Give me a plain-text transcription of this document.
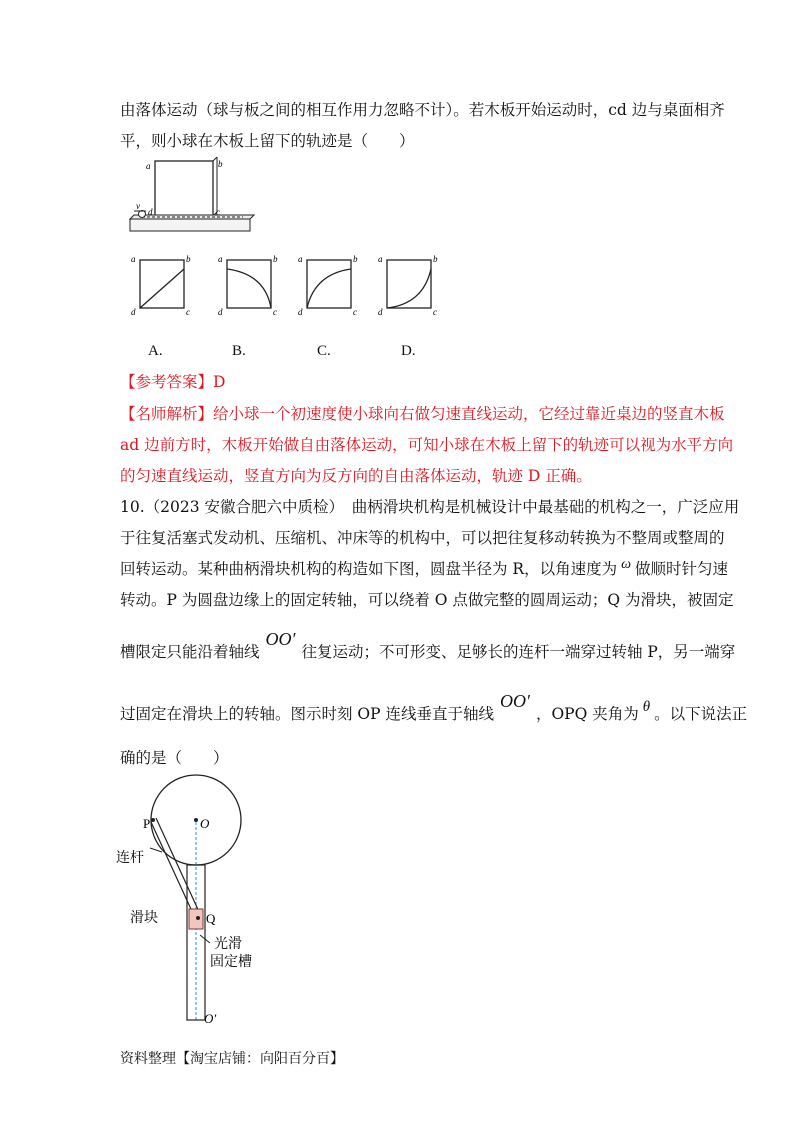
由落体运动（球与板之间的相互作用力忽略不计）。若木板开始运动时，cd 边与桌面相齐
平，则小球在木板上留下的轨迹是（　　）
a	b
c
d
v
a	b
c
d
a	b
c
d
a	b
c
d
a	b
c
d
A.	B.	C.	D.
【参考答案】D
【名师解析】给小球一个初速度使小球向右做匀速直线运动，它经过靠近桌边的竖直木板
ad 边前方时，木板开始做自由落体运动，可知小球在木板上留下的轨迹可以视为水平方向
的匀速直线运动，竖直方向为反方向的自由落体运动，轨迹 D 正确。
10.（2023 安徽合肥六中质检）　曲柄滑块机构是机械设计中最基础的机构之一，广泛应用
于往复活塞式发动机、压缩机、冲床等的机构中，可以把往复移动转换为不整周或整周的
回转运动。某种曲柄滑块机构的构造如下图，圆盘半径为 R，以角速度为 ω 做顺时针匀速
转动。P 为圆盘边缘上的固定转轴，可以绕着 O 点做完整的圆周运动；Q 为滑块，被固定
槽限定只能沿着轴线OO′往复运动；不可形变、足够长的连杆一端穿过转轴 P，另一端穿
过固定在滑块上的转轴。图示时刻 OP 连线垂直于轴线OO′，OPQ 夹角为 θ 。以下说法正
确的是（　　）
P	O
Q
O′
连杆
滑块
光滑
固定槽
资料整理【淘宝店铺：向阳百分百】
